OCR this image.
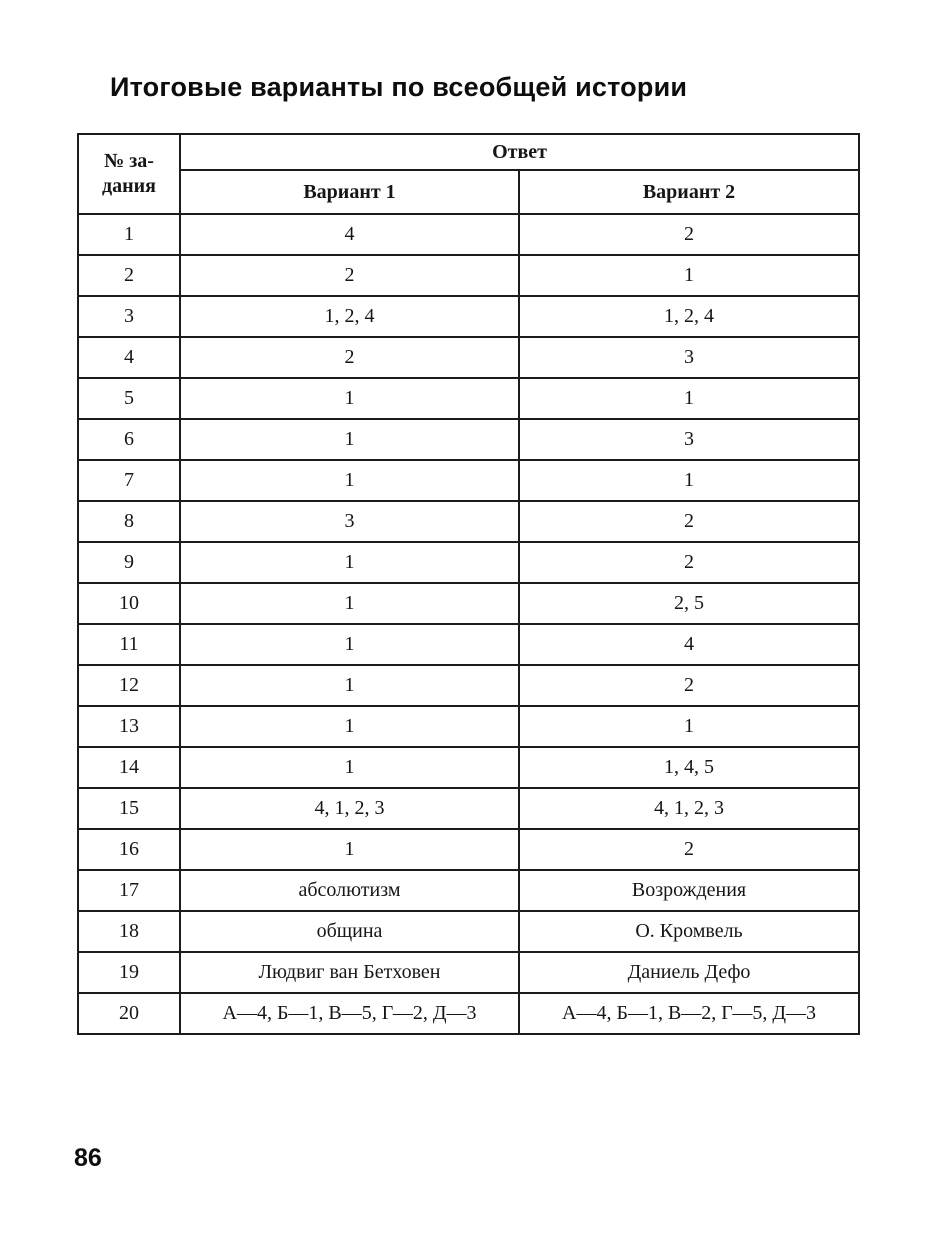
Итоговые варианты по всеобщей истории
№ за-
дания	Ответ	
	Вариант 1	Вариант 2
1	4	2
2	2	1
3	1, 2, 4	1, 2, 4
4	2	3
5	1	1
6	1	3
7	1	1
8	3	2
9	1	2
10	1	2, 5
11	1	4
12	1	2
13	1	1
14	1	1, 4, 5
15	4, 1, 2, 3	4, 1, 2, 3
16	1	2
17	абсолютизм	Возрождения
18	община	О. Кромвель
19	Людвиг ван Бетховен	Даниель Дефо
20	А—4, Б—1, В—5, Г—2, Д—3	А—4, Б—1, В—2, Г—5, Д—3
86
